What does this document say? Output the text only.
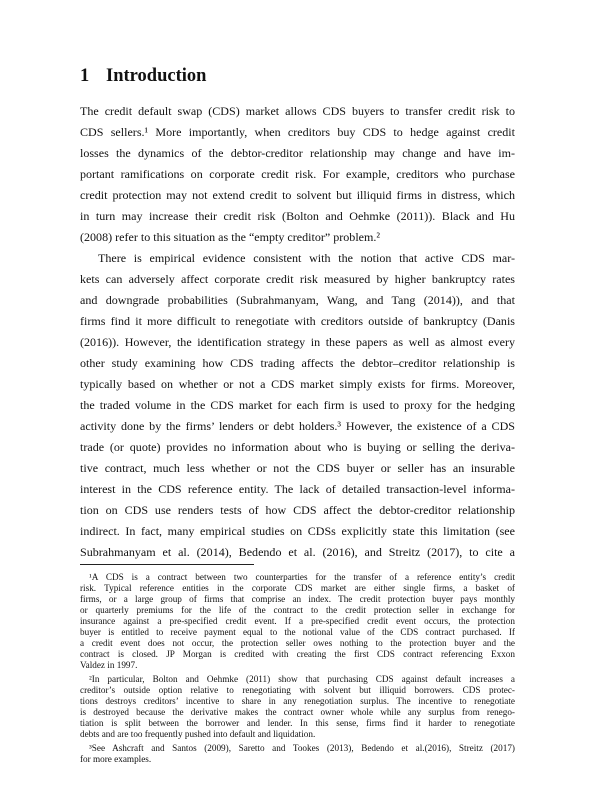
1 Introduction
The credit default swap (CDS) market allows CDS buyers to transfer credit risk to
CDS sellers.¹ More importantly, when creditors buy CDS to hedge against credit
losses the dynamics of the debtor-creditor relationship may change and have im-
portant ramifications on corporate credit risk. For example, creditors who purchase
credit protection may not extend credit to solvent but illiquid firms in distress, which
in turn may increase their credit risk (Bolton and Oehmke (2011)). Black and Hu
(2008) refer to this situation as the “empty creditor” problem.²
There is empirical evidence consistent with the notion that active CDS mar-
kets can adversely affect corporate credit risk measured by higher bankruptcy rates
and downgrade probabilities (Subrahmanyam, Wang, and Tang (2014)), and that
firms find it more difficult to renegotiate with creditors outside of bankruptcy (Danis
(2016)). However, the identification strategy in these papers as well as almost every
other study examining how CDS trading affects the debtor–creditor relationship is
typically based on whether or not a CDS market simply exists for firms. Moreover,
the traded volume in the CDS market for each firm is used to proxy for the hedging
activity done by the firms’ lenders or debt holders.³ However, the existence of a CDS
trade (or quote) provides no information about who is buying or selling the deriva-
tive contract, much less whether or not the CDS buyer or seller has an insurable
interest in the CDS reference entity. The lack of detailed transaction-level informa-
tion on CDS use renders tests of how CDS affect the debtor-creditor relationship
indirect. In fact, many empirical studies on CDSs explicitly state this limitation (see
Subrahmanyam et al. (2014), Bedendo et al. (2016), and Streitz (2017), to cite a
¹A CDS is a contract between two counterparties for the transfer of a reference entity’s credit
risk. Typical reference entities in the corporate CDS market are either single firms, a basket of
firms, or a large group of firms that comprise an index. The credit protection buyer pays monthly
or quarterly premiums for the life of the contract to the credit protection seller in exchange for
insurance against a pre-specified credit event. If a pre-specified credit event occurs, the protection
buyer is entitled to receive payment equal to the notional value of the CDS contract purchased. If
a credit event does not occur, the protection seller owes nothing to the protection buyer and the
contract is closed. JP Morgan is credited with creating the first CDS contract referencing Exxon
Valdez in 1997.
²In particular, Bolton and Oehmke (2011) show that purchasing CDS against default increases a
creditor’s outside option relative to renegotiating with solvent but illiquid borrowers. CDS protec-
tions destroys creditors’ incentive to share in any renegotiation surplus. The incentive to renegotiate
is destroyed because the derivative makes the contract owner whole while any surplus from renego-
tiation is split between the borrower and lender. In this sense, firms find it harder to renegotiate
debts and are too frequently pushed into default and liquidation.
³See Ashcraft and Santos (2009), Saretto and Tookes (2013), Bedendo et al.(2016), Streitz (2017)
for more examples.
